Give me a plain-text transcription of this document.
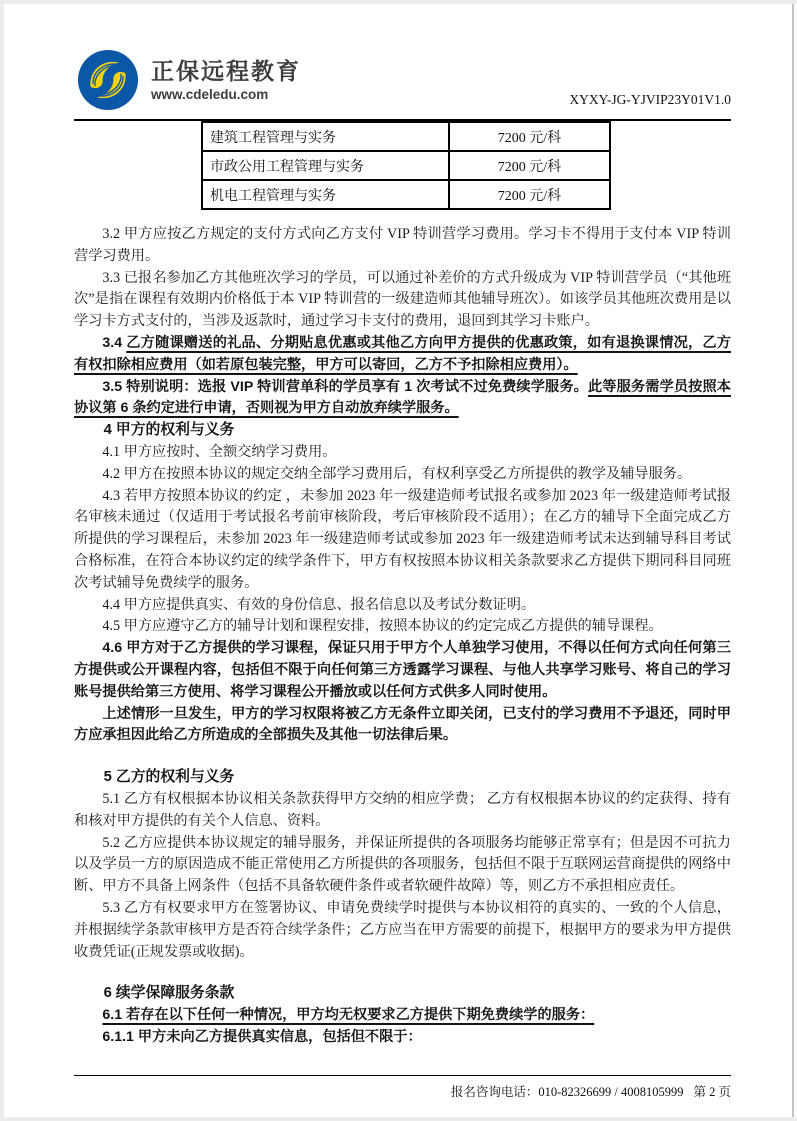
正保远程教育
www.cdeledu.com	XYXY-JG-YJVIP23Y01V1.0
建筑工程管理与实务	7200 元/科
市政公用工程管理与实务	7200 元/科
机电工程管理与实务	7200 元/科

3.2 甲方应按乙方规定的支付方式向乙方支付 VIP 特训营学习费用。学习卡不得用于支付本 VIP 特训营学习费用。

3.3 已报名参加乙方其他班次学习的学员，可以通过补差价的方式升级成为 VIP 特训营学员（“其他班次”是指在课程有效期内价格低于本 VIP 特训营的一级建造师其他辅导班次）。如该学员其他班次费用是以学习卡方式支付的，当涉及返款时，通过学习卡支付的费用，退回到其学习卡账户。

3.4 乙方随课赠送的礼品、分期贴息优惠或其他乙方向甲方提供的优惠政策，如有退换课情况，乙方有权扣除相应费用（如若原包装完整，甲方可以寄回，乙方不予扣除相应费用）。

3.5 特别说明：选报 VIP 特训营单科的学员享有 1 次考试不过免费续学服务。此等服务需学员按照本协议第 6 条约定进行申请，否则视为甲方自动放弃续学服务。

4 甲方的权利与义务

4.1 甲方应按时、全额交纳学习费用。

4.2 甲方在按照本协议的规定交纳全部学习费用后，有权利享受乙方所提供的教学及辅导服务。

4.3 若甲方按照本协议的约定 ，未参加 2023 年一级建造师考试报名或参加 2023 年一级建造师考试报名审核未通过（仅适用于考试报名考前审核阶段，考后审核阶段不适用）；在乙方的辅导下全面完成乙方所提供的学习课程后，未参加 2023 年一级建造师考试或参加 2023 年一级建造师考试未达到辅导科目考试合格标准，在符合本协议约定的续学条件下，甲方有权按照本协议相关条款要求乙方提供下期同科目同班次考试辅导免费续学的服务。

4.4 甲方应提供真实、有效的身份信息、报名信息以及考试分数证明。

4.5 甲方应遵守乙方的辅导计划和课程安排，按照本协议的约定完成乙方提供的辅导课程。

4.6 甲方对于乙方提供的学习课程，保证只用于甲方个人单独学习使用，不得以任何方式向任何第三方提供或公开课程内容，包括但不限于向任何第三方透露学习课程、与他人共享学习账号、将自己的学习账号提供给第三方使用、将学习课程公开播放或以任何方式供多人同时使用。

上述情形一旦发生，甲方的学习权限将被乙方无条件立即关闭，已支付的学习费用不予退还，同时甲方应承担因此给乙方所造成的全部损失及其他一切法律后果。

5 乙方的权利与义务

5.1 乙方有权根据本协议相关条款获得甲方交纳的相应学费； 乙方有权根据本协议的约定获得、持有和核对甲方提供的有关个人信息、资料。

5.2 乙方应提供本协议规定的辅导服务，并保证所提供的各项服务均能够正常享有；但是因不可抗力以及学员一方的原因造成不能正常使用乙方所提供的各项服务，包括但不限于互联网运营商提供的网络中断、甲方不具备上网条件（包括不具备软硬件条件或者软硬件故障）等，则乙方不承担相应责任。

5.3 乙方有权要求甲方在签署协议、申请免费续学时提供与本协议相符的真实的、一致的个人信息，并根据续学条款审核甲方是否符合续学条件；乙方应当在甲方需要的前提下，根据甲方的要求为甲方提供收费凭证(正规发票或收据)。

6 续学保障服务条款

6.1 若存在以下任何一种情况，甲方均无权要求乙方提供下期免费续学的服务：

6.1.1 甲方未向乙方提供真实信息，包括但不限于：

报名咨询电话：010-82326699 / 4008105999 第 2 页
